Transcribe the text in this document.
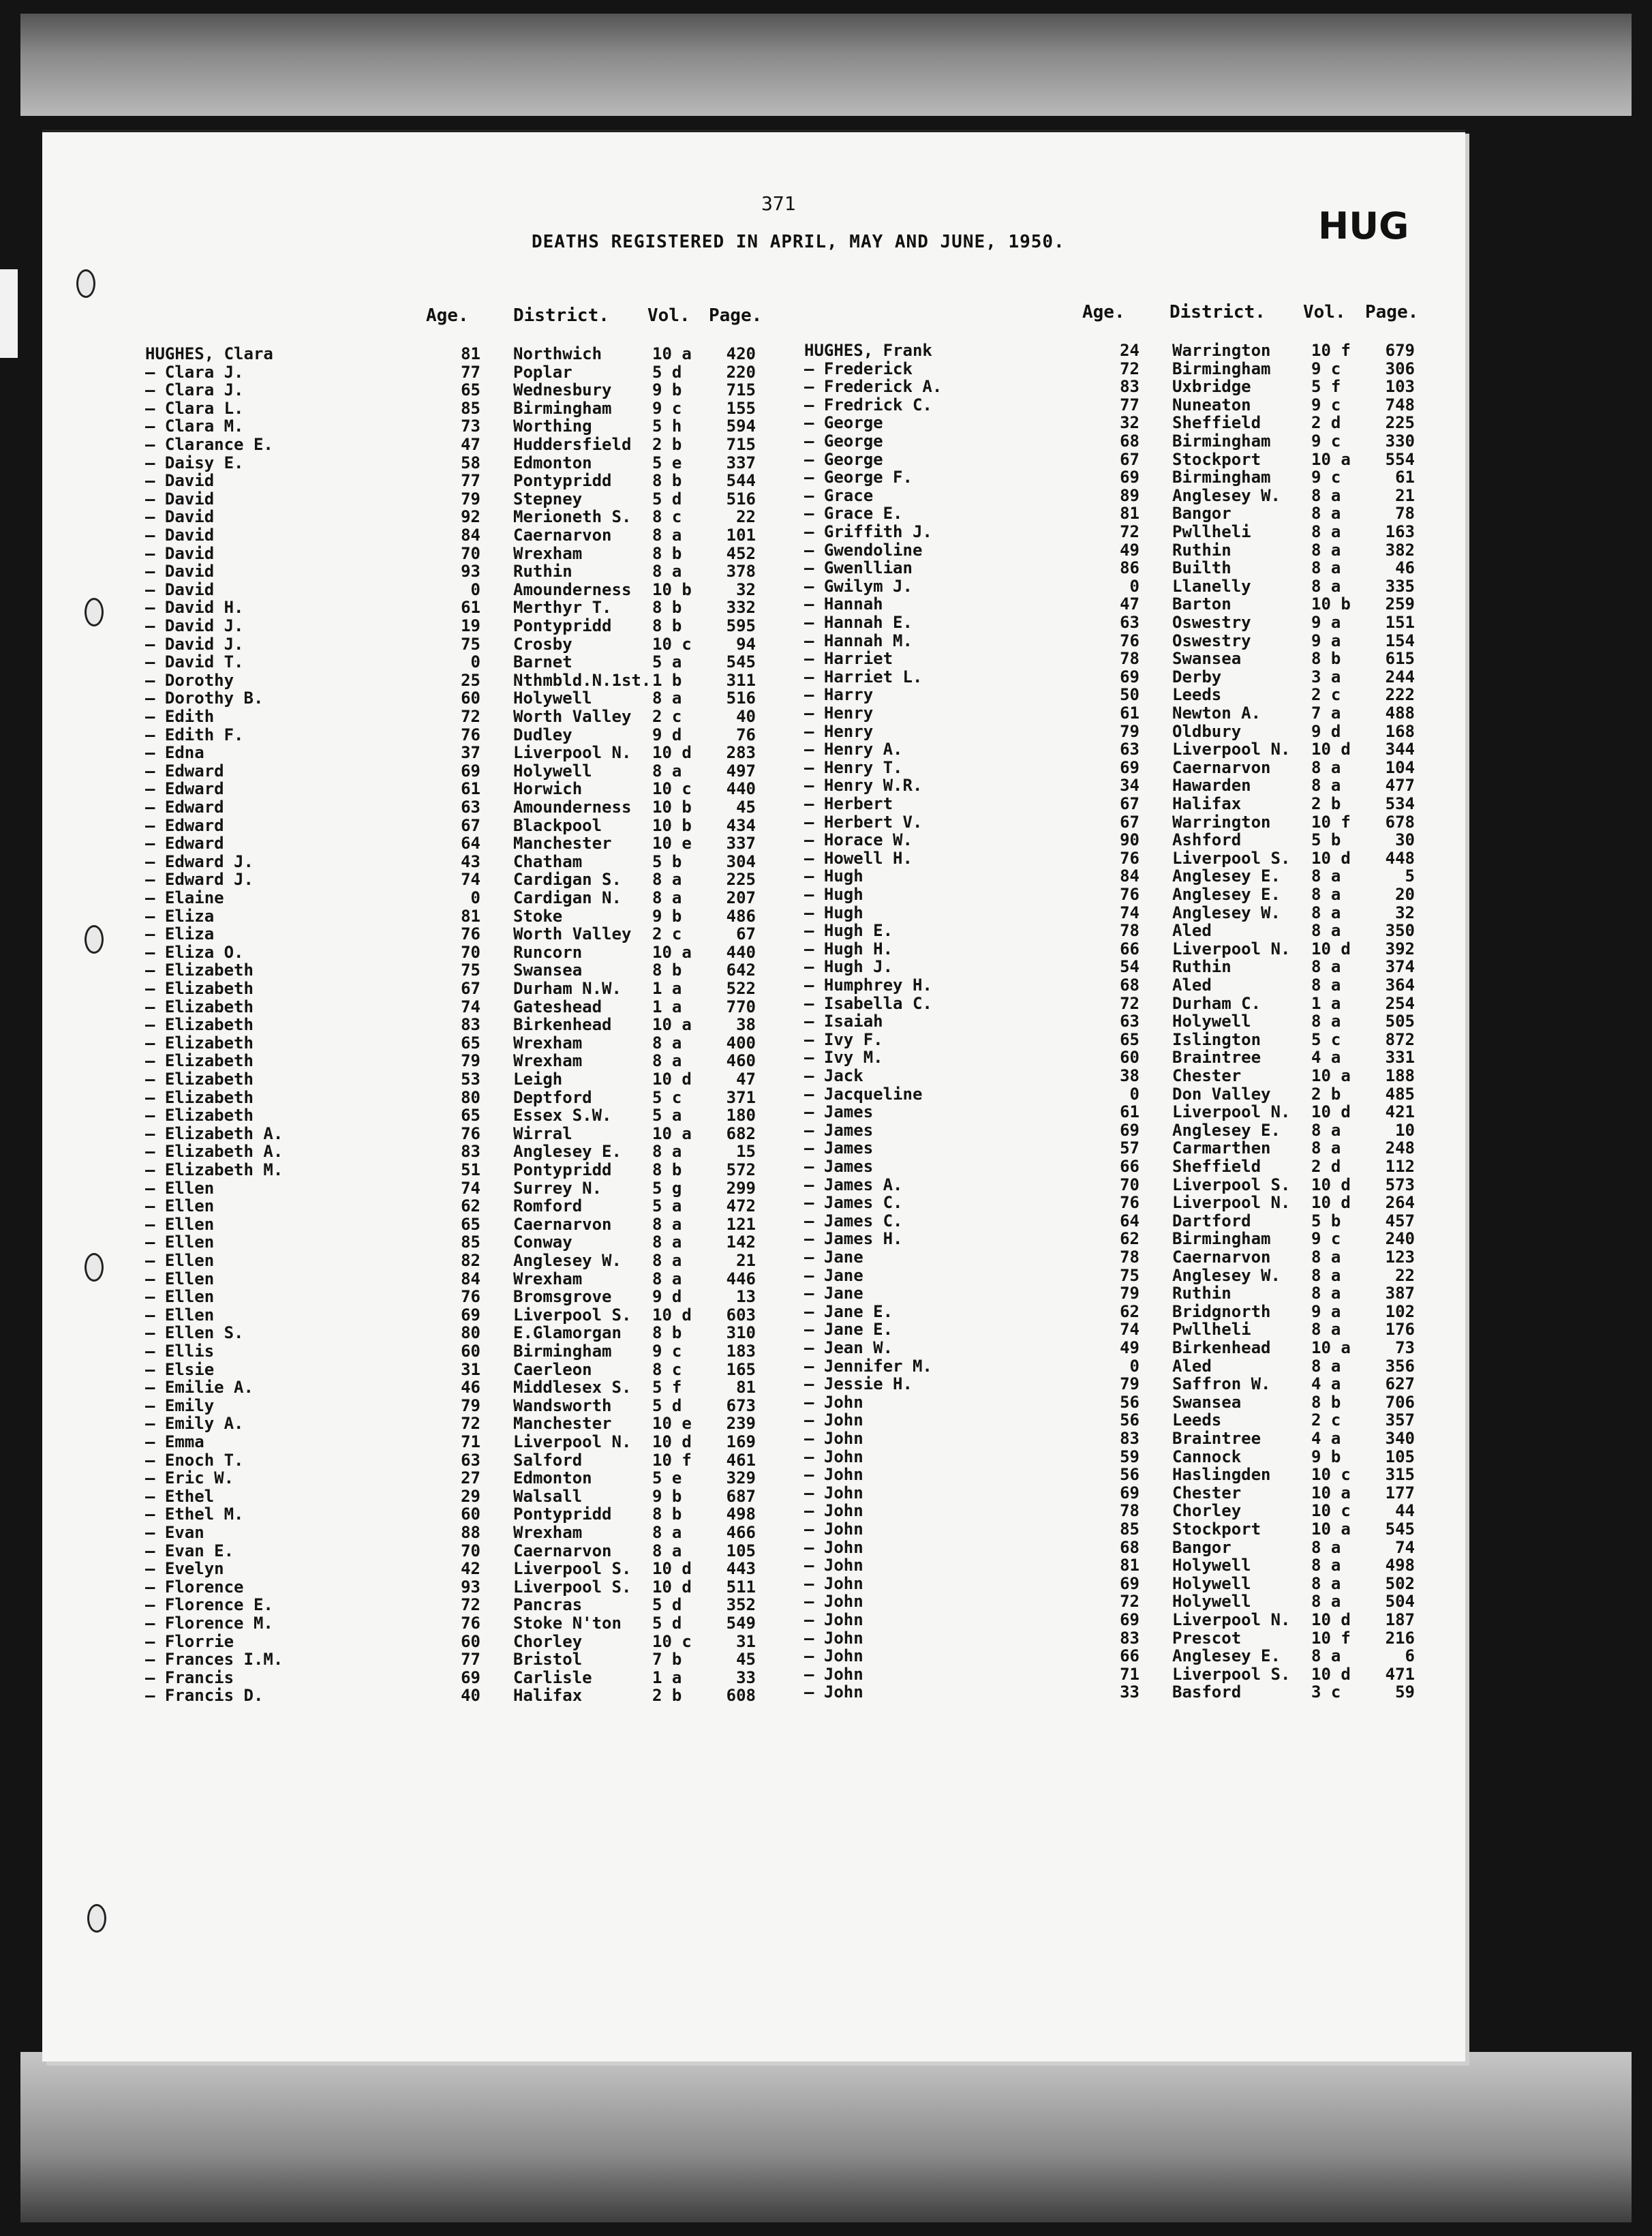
371
DEATHS REGISTERED IN APRIL, MAY AND JUNE, 1950.	HUG
Age.	District. Vol. Page.	Age.	District. Vol. Page.
HUGHES, Clara	81 Northwich	10 a	420
— Clara J.	77 Poplar	5 d	220
— Clara J.	65 Wednesbury	9 b	715
— Clara L.	85 Birmingham	9 c	155
— Clara M.	73 Worthing	5 h	594
— Clarance E.	47 Huddersfield	2 b	715
— Daisy E.	58 Edmonton	5 e	337
— David	77 Pontypridd	8 b	544
— David	79 Stepney	5 d	516
— David	92 Merioneth S.	8 c	22
— David	84 Caernarvon	8 a	101
— David	70 Wrexham	8 b	452
— David	93 Ruthin	8 a	378
— David	0 Amounderness	10 b	32
— David H.	61 Merthyr T.	8 b	332
— David J.	19 Pontypridd	8 b	595
— David J.	75 Crosby	10 c	94
— David T.	0 Barnet	5 a	545
— Dorothy	25 Nthmbld.N.1st. 1 b	311
— Dorothy B.	60 Holywell	8 a	516
— Edith	72 Worth Valley	2 c	40
— Edith F.	76 Dudley	9 d	76
— Edna	37 Liverpool N.	10 d	283
— Edward	69 Holywell	8 a	497
— Edward	61 Horwich	10 c	440
— Edward	63 Amounderness	10 b	45
— Edward	67 Blackpool	10 b	434
— Edward	64 Manchester	10 e	337
— Edward J.	43 Chatham	5 b	304
— Edward J.	74 Cardigan S.	8 a	225
— Elaine	0 Cardigan N.	8 a	207
— Eliza	81 Stoke	9 b	486
— Eliza	76 Worth Valley	2 c	67
— Eliza O.	70 Runcorn	10 a	440
— Elizabeth	75 Swansea	8 b	642
— Elizabeth	67 Durham N.W.	1 a	522
— Elizabeth	74 Gateshead	1 a	770
— Elizabeth	83 Birkenhead	10 a	38
— Elizabeth	65 Wrexham	8 a	400
— Elizabeth	79 Wrexham	8 a	460
— Elizabeth	53 Leigh	10 d	47
— Elizabeth	80 Deptford	5 c	371
— Elizabeth	65 Essex S.W.	5 a	180
— Elizabeth A.	76 Wirral	10 a	682
— Elizabeth A.	83 Anglesey E.	8 a	15
— Elizabeth M.	51 Pontypridd	8 b	572
— Ellen	74 Surrey N.	5 g	299
— Ellen	62 Romford	5 a	472
— Ellen	65 Caernarvon	8 a	121
— Ellen	85 Conway	8 a	142
— Ellen	82 Anglesey W.	8 a	21
— Ellen	84 Wrexham	8 a	446
— Ellen	76 Bromsgrove	9 d	13
— Ellen	69 Liverpool S.	10 d	603
— Ellen S.	80 E.Glamorgan	8 b	310
— Ellis	60 Birmingham	9 c	183
— Elsie	31 Caerleon	8 c	165
— Emilie A.	46 Middlesex S.	5 f	81
— Emily	79 Wandsworth	5 d	673
— Emily A.	72 Manchester	10 e	239
— Emma	71 Liverpool N.	10 d	169
— Enoch T.	63 Salford	10 f	461
— Eric W.	27 Edmonton	5 e	329
— Ethel	29 Walsall	9 b	687
— Ethel M.	60 Pontypridd	8 b	498
— Evan	88 Wrexham	8 a	466
— Evan E.	70 Caernarvon	8 a	105
— Evelyn	42 Liverpool S.	10 d	443
— Florence	93 Liverpool S.	10 d	511
— Florence E.	72 Pancras	5 d	352
— Florence M.	76 Stoke N'ton	5 d	549
— Florrie	60 Chorley	10 c	31
— Frances I.M.	77 Bristol	7 b	45
— Francis	69 Carlisle	1 a	33
— Francis D.	40 Halifax	2 b	608
HUGHES, Frank	24 Warrington	10 f	679
— Frederick	72 Birmingham	9 c	306
— Frederick A.	83 Uxbridge	5 f	103
— Fredrick C.	77 Nuneaton	9 c	748
— George	32 Sheffield	2 d	225
— George	68 Birmingham	9 c	330
— George	67 Stockport	10 a	554
— George F.	69 Birmingham	9 c	61
— Grace	89 Anglesey W.	8 a	21
— Grace E.	81 Bangor	8 a	78
— Griffith J.	72 Pwllheli	8 a	163
— Gwendoline	49 Ruthin	8 a	382
— Gwenllian	86 Builth	8 a	46
— Gwilym J.	0 Llanelly	8 a	335
— Hannah	47 Barton	10 b	259
— Hannah E.	63 Oswestry	9 a	151
— Hannah M.	76 Oswestry	9 a	154
— Harriet	78 Swansea	8 b	615
— Harriet L.	69 Derby	3 a	244
— Harry	50 Leeds	2 c	222
— Henry	61 Newton A.	7 a	488
— Henry	79 Oldbury	9 d	168
— Henry A.	63 Liverpool N.	10 d	344
— Henry T.	69 Caernarvon	8 a	104
— Henry W.R.	34 Hawarden	8 a	477
— Herbert	67 Halifax	2 b	534
— Herbert V.	67 Warrington	10 f	678
— Horace W.	90 Ashford	5 b	30
— Howell H.	76 Liverpool S.	10 d	448
— Hugh	84 Anglesey E.	8 a	5
— Hugh	76 Anglesey E.	8 a	20
— Hugh	74 Anglesey W.	8 a	32
— Hugh E.	78 Aled	8 a	350
— Hugh H.	66 Liverpool N.	10 d	392
— Hugh J.	54 Ruthin	8 a	374
— Humphrey H.	68 Aled	8 a	364
— Isabella C.	72 Durham C.	1 a	254
— Isaiah	63 Holywell	8 a	505
— Ivy F.	65 Islington	5 c	872
— Ivy M.	60 Braintree	4 a	331
— Jack	38 Chester	10 a	188
— Jacqueline	0 Don Valley	2 b	485
— James	61 Liverpool N.	10 d	421
— James	69 Anglesey E.	8 a	10
— James	57 Carmarthen	8 a	248
— James	66 Sheffield	2 d	112
— James A.	70 Liverpool S.	10 d	573
— James C.	76 Liverpool N.	10 d	264
— James C.	64 Dartford	5 b	457
— James H.	62 Birmingham	9 c	240
— Jane	78 Caernarvon	8 a	123
— Jane	75 Anglesey W.	8 a	22
— Jane	79 Ruthin	8 a	387
— Jane E.	62 Bridgnorth	9 a	102
— Jane E.	74 Pwllheli	8 a	176
— Jean W.	49 Birkenhead	10 a	73
— Jennifer M.	0 Aled	8 a	356
— Jessie H.	79 Saffron W.	4 a	627
— John	56 Swansea	8 b	706
— John	56 Leeds	2 c	357
— John	83 Braintree	4 a	340
— John	59 Cannock	9 b	105
— John	56 Haslingden	10 c	315
— John	69 Chester	10 a	177
— John	78 Chorley	10 c	44
— John	85 Stockport	10 a	545
— John	68 Bangor	8 a	74
— John	81 Holywell	8 a	498
— John	69 Holywell	8 a	502
— John	72 Holywell	8 a	504
— John	69 Liverpool N.	10 d	187
— John	83 Prescot	10 f	216
— John	66 Anglesey E.	8 a	6
— John	71 Liverpool S.	10 d	471
— John	33 Basford	3 c	59
